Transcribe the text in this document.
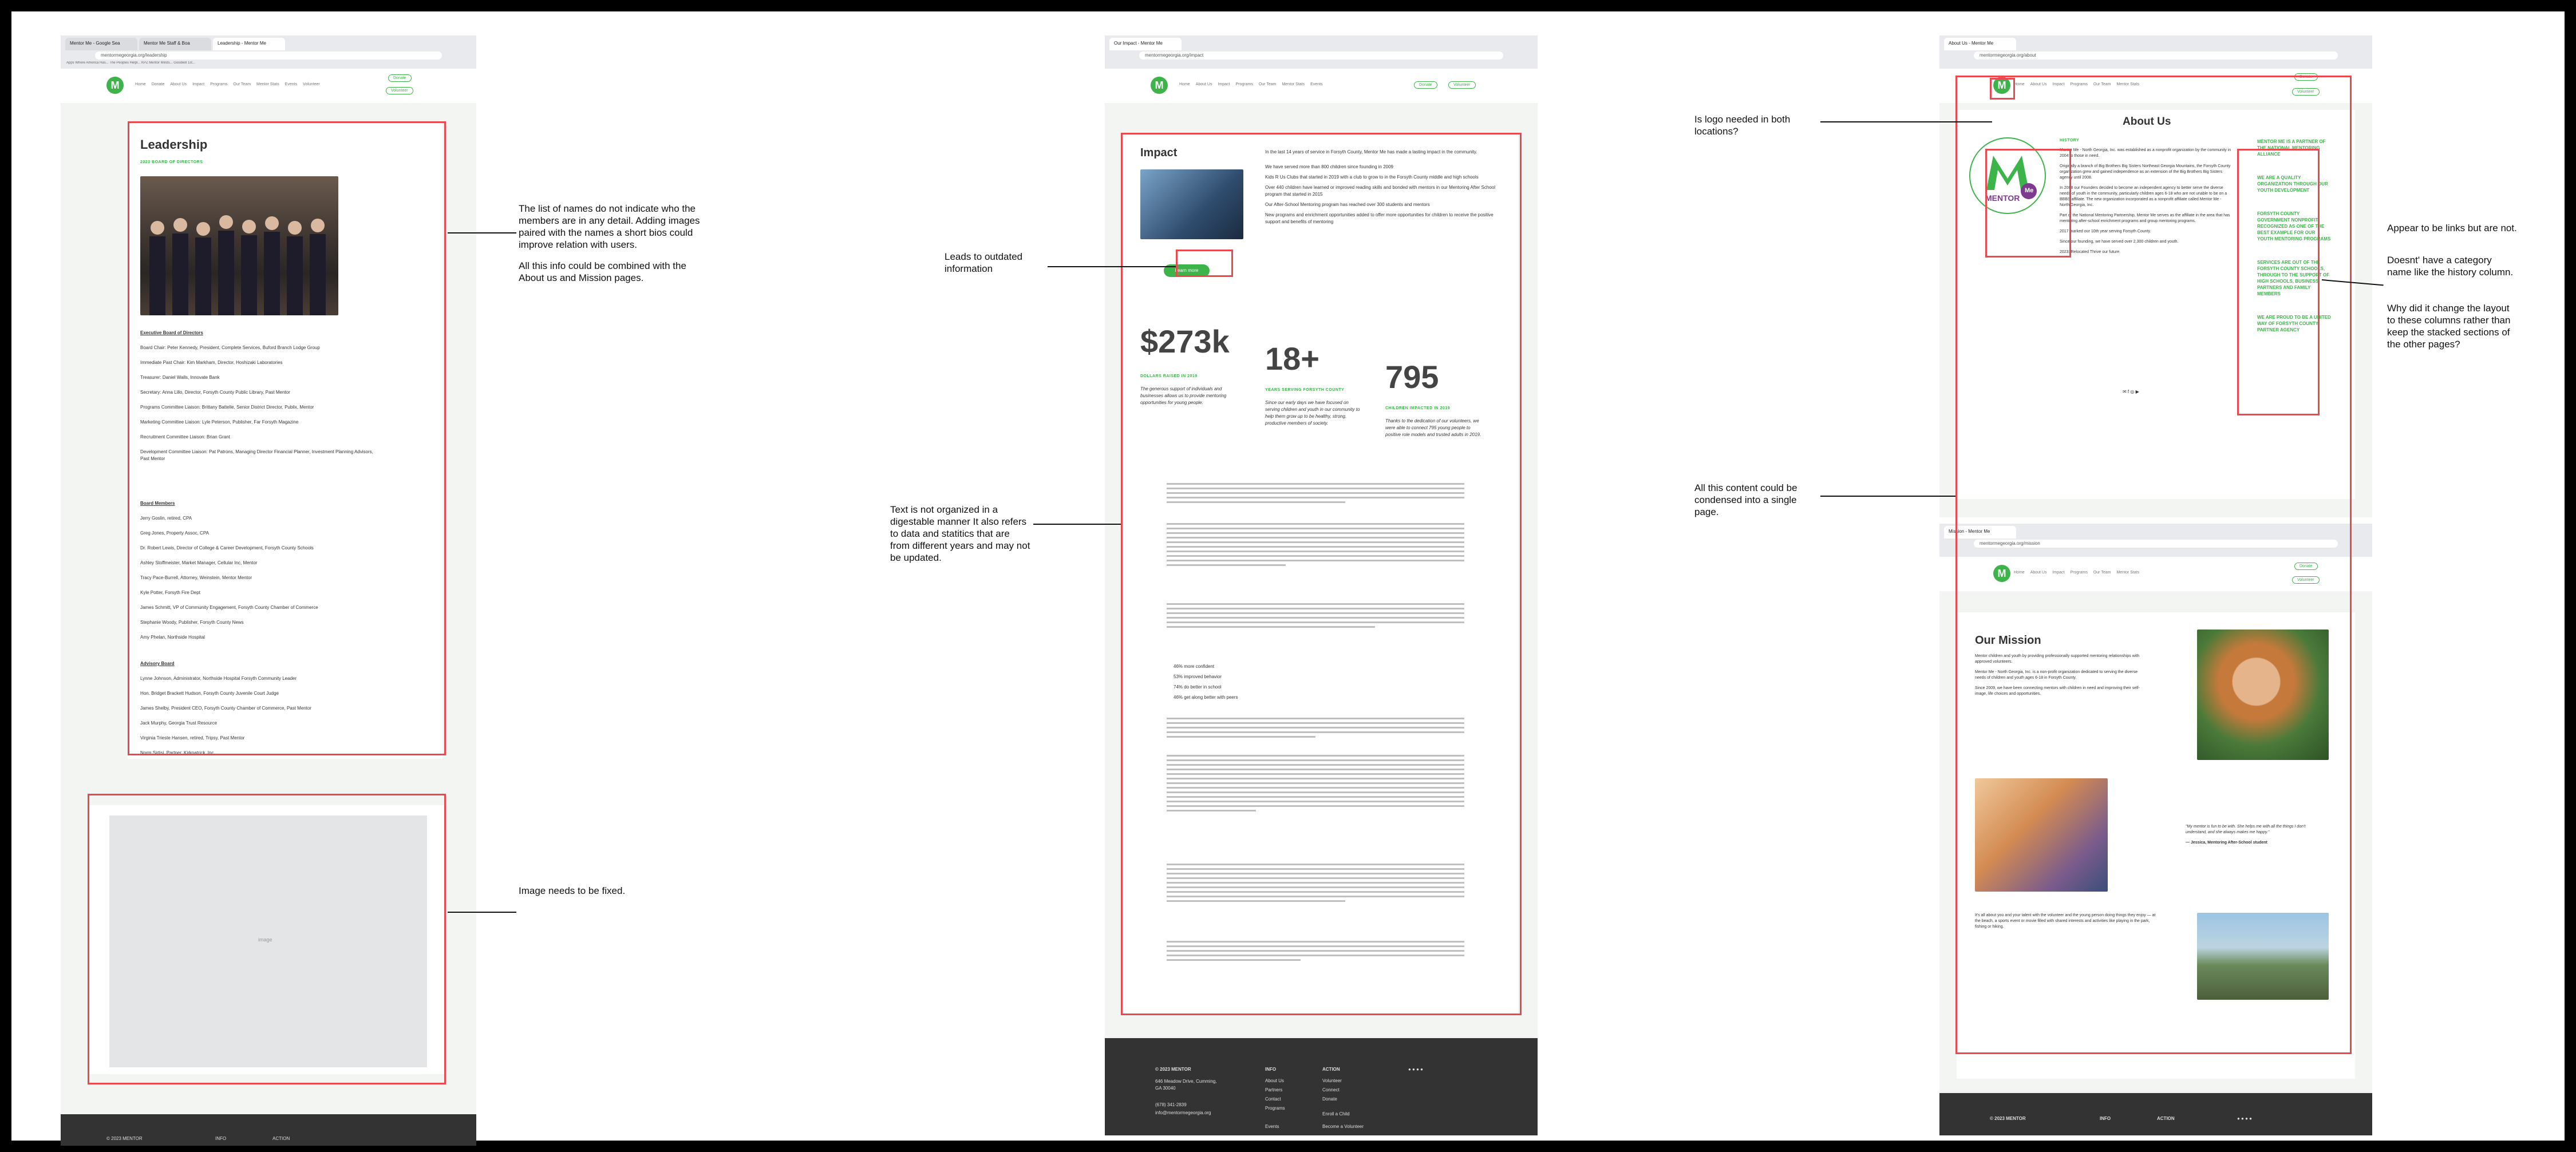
Mentor Me - Google Sea	Mentor Me Staff & Boa	Leadership - Mentor Me
mentormegeorgia.org/leadership
Apps Where America Has... The Peoples Helpl... KPZ Mentor Minds... Goodwill 1st...
M	Home Donate About Us Impact Programs Our Team Mentor Stats Events Volunteer
Donate
Volunteer
Leadership
2023 BOARD OF DIRECTORS
Executive Board of Directors
Board Chair: Peter Kennedy, President, Complete Services, Buford Branch Lodge Group
Immediate Past Chair: Kim Markham, Director, Hoshizaki Laboratories
Treasurer: Daniel Walls, Innovate Bank
Secretary: Anna Lillo, Director, Forsyth County Public Library, Past Mentor
Programs Committee Liaison: Brittany Battelle, Senior District Director, Publix, Mentor
Marketing Committee Liaison: Lyle Peterson, Publisher, Far Forsyth Magazine
Recruitment Committee Liaison: Brian Grant
Development Committee Liaison: Pat Patrons, Managing Director Financial Planner, Investment Planning Advisors, Past Mentor
Board Members
Jerry Goslin, retired, CPA
Greg Jones, Property Assoc, CPA
Dr. Robert Lewis, Director of College & Career Development, Forsyth County Schools
Ashley Stoffmeister, Market Manager, Cellular Inc, Mentor
Tracy Pace-Burrell, Attorney, Weinstein, Mentor Mentor
Kyle Potter, Forsyth Fire Dept
James Schmitt, VP of Community Engagement, Forsyth County Chamber of Commerce
Stephanie Woody, Publisher, Forsyth County News
Amy Phelan, Northside Hospital
Advisory Board
Lynne Johnson, Administrator, Northside Hospital Forsyth Community Leader
Hon. Bridget Brackett Hudson, Forsyth County Juvenile Court Judge
James Shelby, President CEO, Forsyth County Chamber of Commerce, Past Mentor
Jack Murphy, Georgia Trust Resource
Virginia Trieste Hansen, retired, Tripsy, Past Mentor
Norm Sirtisi, Partner, Kirkpatrick, Inc.
image
© 2023 MENTOR	INFO	ACTION
Our Impact - Mentor Me
mentormegeorgia.org/impact
M	Home About Us Impact Programs Our Team Mentor Stats Events	Donate	Volunteer
Impact
Learn more
In the last 14 years of service in Forsyth County, Mentor Me has made a lasting impact in the community.
We have served more than 800 children since founding in 2009
Kids R Us Clubs that started in 2019 with a club to grow to in the Forsyth County middle and high schools
Over 440 children have learned or improved reading skills and bonded with mentors in our Mentoring After School program that started in 2015
Our After-School Mentoring program has reached over 300 students and mentors
New programs and enrichment opportunities added to offer more opportunities for children to receive the positive support and benefits of mentoring
$273k
DOLLARS RAISED IN 2019
The generous support of individuals and businesses allows us to provide mentoring opportunities for young people.
18+
YEARS SERVING FORSYTH COUNTY
Since our early days we have focused on serving children and youth in our community to help them grow up to be healthy, strong, productive members of society.
795
CHILDREN IMPACTED IN 2019
Thanks to the dedication of our volunteers, we were able to connect 795 young people to positive role models and trusted adults in 2019.
46% more confident
53% improved behavior
74% do better in school
46% get along better with peers
© 2023 MENTOR
646 Meadow Drive, Cumming, GA 30040
(678) 341-2839
info@mentormegeorgia.org
INFO
About Us
Partners
Contact
Programs
Events
ACTION
Volunteer
Connect
Donate
Enroll a Child
Become a Volunteer
● ● ● ●
About Us - Mentor Me
mentormegeorgia.org/about
M	Home About Us Impact Programs Our Team Mentor Stats
Donate
Volunteer
About Us
MENTOR
Me
HISTORY
Mentor Me - North Georgia, Inc. was established as a nonprofit organization by the community in 2004 to those in need.
Originally a branch of Big Brothers Big Sisters Northeast Georgia Mountains, the Forsyth County organization grew and gained independence as an extension of the Big Brothers Big Sisters agency until 2008.
In 2008 our Founders decided to become an independent agency to better serve the diverse needs of youth in the community, particularly children ages 6-18 who are not unable to be on a BBBS affiliate. The new organization incorporated as a nonprofit affiliate called Mentor Me - North Georgia, Inc.
Part of the National Mentoring Partnership, Mentor Me serves as the affiliate in the area that has mentoring after-school enrichment programs and group mentoring programs.
2017 marked our 10th year serving Forsyth County.
Since our founding, we have served over 2,300 children and youth.
2023: Relocated Thrive our future.
✉ f ◎ ▶
MENTOR ME IS A PARTNER OF THE NATIONAL MENTORING ALLIANCE
WE ARE A QUALITY ORGANIZATION THROUGH OUR YOUTH DEVELOPMENT
FORSYTH COUNTY GOVERNMENT NONPROFIT RECOGNIZED AS ONE OF THE BEST EXAMPLE FOR OUR YOUTH MENTORING PROGRAMS
SERVICES ARE OUT OF THE FORSYTH COUNTY SCHOOLS, THROUGH TO THE SUPPORT OF HIGH SCHOOLS, BUSINESS PARTNERS AND FAMILY MEMBERS
WE ARE PROUD TO BE A UNITED WAY OF FORSYTH COUNTY PARTNER AGENCY
Mission - Mentor Me
mentormegeorgia.org/mission
M	Home About Us Impact Programs Our Team Mentor Stats
Donate
Volunteer
Our Mission
Mentor children and youth by providing professionally supported mentoring relationships with approved volunteers.
Mentor Me - North Georgia, Inc. is a non-profit organization dedicated to serving the diverse needs of children and youth ages 6-18 in Forsyth County.
Since 2009, we have been connecting mentors with children in need and improving their self-image, life choices and opportunities.
"My mentor is fun to be with. She helps me with all the things I don't understand, and she always makes me happy."
— Jessica, Mentoring After-School student
It's all about you and your talent with the volunteer and the young person doing things they enjoy — at the beach, a sports event or movie filled with shared interests and activities like playing in the park, fishing or hiking.
© 2023 MENTOR	INFO	ACTION	● ● ● ●
The list of names do not indicate who the members are in any detail. Adding images paired with the names a short bios could improve relation with users.
All this info could be combined with the About us and Mission pages.
Image needs to be fixed.
Leads to outdated information
Text is not organized in a digestable manner It also refers to data and statitics that are from different years and may not be updated.
Is logo needed in both locations?
All this content could be condensed into a single page.
Appear to be links but are not.
Doesnt' have a category name like the history column.
Why did it change the layout to these columns rather than keep the stacked sections of the other pages?
